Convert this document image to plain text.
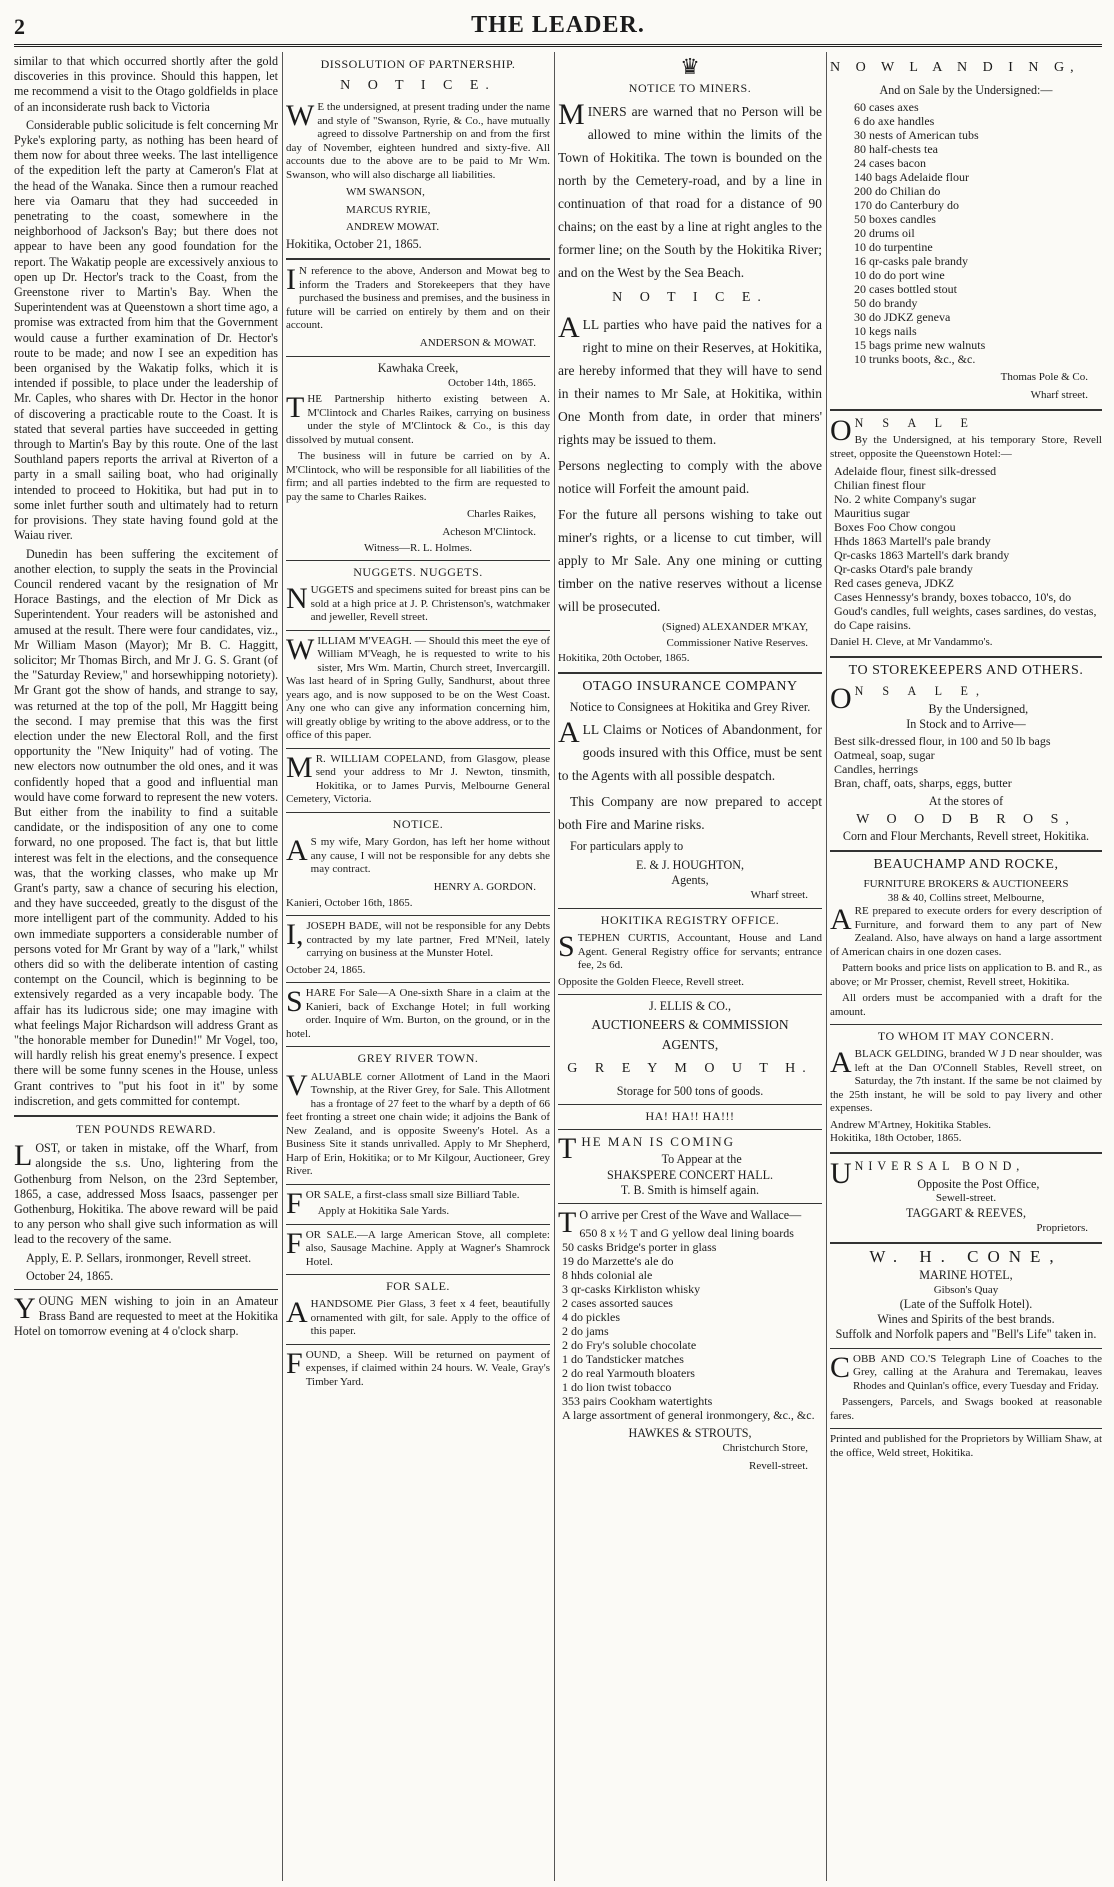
2	THE LEADER.

similar to that which occurred shortly after the gold discoveries in this province. Should this happen, let me recommend a visit to the Otago goldfields in place of an inconsiderate rush back to Victoria

Considerable public solicitude is felt concerning Mr Pyke's exploring party, as nothing has been heard of them now for about three weeks. The last intelligence of the expedition left the party at Cameron's Flat at the head of the Wanaka. Since then a rumour reached here via Oamaru that they had succeeded in penetrating to the coast, somewhere in the neighborhood of Jackson's Bay; but there does not appear to have been any good foundation for the report. The Wakatip people are excessively anxious to open up Dr. Hector's track to the Coast, from the Greenstone river to Martin's Bay. When the Superintendent was at Queenstown a short time ago, a promise was extracted from him that the Government would cause a further examination of Dr. Hector's route to be made; and now I see an expedition has been organised by the Wakatip folks, which it is intended if possible, to place under the leadership of Mr. Caples, who shares with Dr. Hector in the honor of discovering a practicable route to the Coast. It is stated that several parties have succeeded in getting through to Martin's Bay by this route. One of the last Southland papers reports the arrival at Riverton of a party in a small sailing boat, who had originally intended to proceed to Hokitika, but had put in to some inlet further south and ultimately had to return for provisions. They state having found gold at the Waiau river.

Dunedin has been suffering the excitement of another election, to supply the seats in the Provincial Council rendered vacant by the resignation of Mr Horace Bastings, and the election of Mr Dick as Superintendent. Your readers will be astonished and amused at the result. There were four candidates, viz., Mr William Mason (Mayor); Mr B. C. Haggitt, solicitor; Mr Thomas Birch, and Mr J. G. S. Grant (of the "Saturday Review," and horsewhipping notoriety). Mr Grant got the show of hands, and strange to say, was returned at the top of the poll, Mr Haggitt being the second. I may premise that this was the first election under the new Electoral Roll, and the first opportunity the "New Iniquity" had of voting. The new electors now outnumber the old ones, and it was confidently hoped that a good and influential man would have come forward to represent the new voters. But either from the inability to find a suitable candidate, or the indisposition of any one to come forward, no one proposed. The fact is, that but little interest was felt in the elections, and the consequence was, that the working classes, who make up Mr Grant's party, saw a chance of securing his election, and they have succeeded, greatly to the disgust of the more intelligent part of the community. Added to his own immediate supporters a considerable number of persons voted for Mr Grant by way of a "lark," whilst others did so with the deliberate intention of casting contempt on the Council, which is beginning to be extensively regarded as a very incapable body. The affair has its ludicrous side; one may imagine with what feelings Major Richardson will address Grant as "the honorable member for Dunedin!" Mr Vogel, too, will hardly relish his great enemy's presence. I expect there will be some funny scenes in the House, unless Grant contrives to "put his foot in it" by some indiscretion, and gets committed for contempt.

TEN POUNDS REWARD.

LOST, or taken in mistake, off the Wharf, from alongside the s.s. Uno, lightering from the Gothenburg from Nelson, on the 23rd September, 1865, a case, addressed Moss Isaacs, passenger per Gothenburg, Hokitika. The above reward will be paid to any person who shall give such information as will lead to the recovery of the same.

Apply, E. P. Sellars, ironmonger, Revell street.

October 24, 1865.

YOUNG MEN wishing to join in an Amateur Brass Band are requested to meet at the Hokitika Hotel on tomorrow evening at 4 o'clock sharp.

DISSOLUTION OF PARTNERSHIP.
N O T I C E.

W E the undersigned, at present trading under the name and style of "Swanson, Ryrie, & Co., have mutually agreed to dissolve Partnership on and from the first day of November, eighteen hundred and sixty-five. All accounts due to the above are to be paid to Mr Wm. Swanson, who will also discharge all liabilities.

WM SWANSON,
MARCUS RYRIE,
ANDREW MOWAT.

Hokitika, October 21, 1865.

I N reference to the above, Anderson and Mowat beg to inform the Traders and Storekeepers that they have purchased the business and premises, and the business in future will be carried on entirely by them and on their account.

ANDERSON & MOWAT.
Kawhaka Creek,
October 14th, 1865.

THE Partnership hitherto existing between A. M'Clintock and Charles Raikes, carrying on business under the style of M'Clintock & Co., is this day dissolved by mutual consent.

The business will in future be carried on by A. M'Clintock, who will be responsible for all liabilities of the firm; and all parties indebted to the firm are requested to pay the same to Charles Raikes.

Charles Raikes,
Acheson M'Clintock.
Witness—R. L. Holmes.
NUGGETS. NUGGETS.

NUGGETS and specimens suited for breast pins can be sold at a high price at J. P. Christenson's, watchmaker and jeweller, Revell street.

WILLIAM M'VEAGH. — Should this meet the eye of William M'Veagh, he is requested to write to his sister, Mrs Wm. Martin, Church street, Invercargill. Was last heard of in Spring Gully, Sandhurst, about three years ago, and is now supposed to be on the West Coast. Any one who can give any information concerning him, will greatly oblige by writing to the above address, or to the office of this paper.

M R. WILLIAM COPELAND, from Glasgow, please send your address to Mr J. Newton, tinsmith, Hokitika, or to James Purvis, Melbourne General Cemetery, Victoria.

NOTICE.

A S my wife, Mary Gordon, has left her home without any cause, I will not be responsible for any debts she may contract.

HENRY A. GORDON.

Kanieri, October 16th, 1865.

I, JOSEPH BADE, will not be responsible for any Debts contracted by my late partner, Fred M'Neil, lately carrying on business at the Munster Hotel.

October 24, 1865.

SHARE For Sale—A One-sixth Share in a claim at the Kanieri, back of Exchange Hotel; in full working order. Inquire of Wm. Burton, on the ground, or in the hotel.

GREY RIVER TOWN.

VALUABLE corner Allotment of Land in the Maori Township, at the River Grey, for Sale. This Allotment has a frontage of 27 feet to the wharf by a depth of 66 feet fronting a street one chain wide; it adjoins the Bank of New Zealand, and is opposite Sweeny's Hotel. As a Business Site it stands unrivalled. Apply to Mr Shepherd, Harp of Erin, Hokitika; or to Mr Kilgour, Auctioneer, Grey River.

FOR SALE, a first-class small size Billiard Table.

Apply at Hokitika Sale Yards.

FOR SALE.—A large American Stove, all complete: also, Sausage Machine. Apply at Wagner's Shamrock Hotel.

FOR SALE.

AHANDSOME Pier Glass, 3 feet x 4 feet, beautifully ornamented with gilt, for sale. Apply to the office of this paper.

FOUND, a Sheep. Will be returned on payment of expenses, if claimed within 24 hours. W. Veale, Gray's Timber Yard.

♛
NOTICE TO MINERS.

MINERS are warned that no Person will be allowed to mine within the limits of the Town of Hokitika. The town is bounded on the north by the Cemetery-road, and by a line in continuation of that road for a distance of 90 chains; on the east by a line at right angles to the former line; on the South by the Hokitika River; and on the West by the Sea Beach.

N O T I C E.

ALL parties who have paid the natives for a right to mine on their Reserves, at Hokitika, are hereby informed that they will have to send in their names to Mr Sale, at Hokitika, within One Month from date, in order that miners' rights may be issued to them.

Persons neglecting to comply with the above notice will Forfeit the amount paid.

For the future all persons wishing to take out miner's rights, or a license to cut timber, will apply to Mr Sale. Any one mining or cutting timber on the native reserves without a license will be prosecuted.

(Signed) ALEXANDER M'KAY,
Commissioner Native Reserves.
Hokitika, 20th October, 1865.
OTAGO INSURANCE COMPANY

Notice to Consignees at Hokitika and Grey River.

ALL Claims or Notices of Abandonment, for goods insured with this Office, must be sent to the Agents with all possible despatch.

This Company are now prepared to accept both Fire and Marine risks.

For particulars apply to

E. & J. HOUGHTON,
Agents,
Wharf street.
HOKITIKA REGISTRY OFFICE.

STEPHEN CURTIS, Accountant, House and Land Agent. General Registry office for servants; entrance fee, 2s 6d.

Opposite the Golden Fleece, Revell street.

J. ELLIS & CO.,
AUCTIONEERS & COMMISSION
AGENTS,
G R E Y M O U T H.
Storage for 500 tons of goods.
HA! HA!! HA!!!

THE MAN IS COMING

To Appear at the
SHAKSPERE CONCERT HALL.
T. B. Smith is himself again.

T O arrive per Crest of the Wave and Wallace—

650 8 x ½ T and G yellow deal lining boards
50 casks Bridge's porter in glass
19 do Marzette's ale do
8 hhds colonial ale
3 qr-casks Kirkliston whisky
2 cases assorted sauces
4 do pickles
2 do jams
2 do Fry's soluble chocolate
1 do Tandsticker matches
2 do real Yarmouth bloaters
1 do lion twist tobacco
353 pairs Cookham watertights
A large assortment of general ironmongery, &c., &c.
HAWKES & STROUTS,
Christchurch Store,
Revell-street.
N O W L A N D I N G,
And on Sale by the Undersigned:—
60 cases axes
6 do axe handles
30 nests of American tubs
80 half-chests tea
24 cases bacon
140 bags Adelaide flour
200 do Chilian do
170 do Canterbury do
50 boxes candles
20 drums oil
10 do turpentine
16 qr-casks pale brandy
10 do do port wine
20 cases bottled stout
50 do brandy
30 do JDKZ geneva
10 kegs nails
15 bags prime new walnuts
10 trunks boots, &c., &c.
Thomas Pole & Co.
Wharf street.

O N S A L E

By the Undersigned, at his temporary Store, Revell street, opposite the Queenstown Hotel:—

Adelaide flour, finest silk-dressed
Chilian finest flour
No. 2 white Company's sugar
Mauritius sugar
Boxes Foo Chow congou
Hhds 1863 Martell's pale brandy
Qr-casks 1863 Martell's dark brandy
Qr-casks Otard's pale brandy
Red cases geneva, JDKZ
Cases Hennessy's brandy, boxes tobacco, 10's, do Goud's candles, full weights, cases sardines, do vestas, do Cape raisins.
Daniel H. Cleve, at Mr Vandammo's.
TO STOREKEEPERS AND OTHERS.

O N S A L E,

By the Undersigned,
In Stock and to Arrive—
Best silk-dressed flour, in 100 and 50 lb bags
Oatmeal, soap, sugar
Candles, herrings
Bran, chaff, oats, sharps, eggs, butter
At the stores of
W O O D B R O S,
Corn and Flour Merchants, Revell street, Hokitika.
BEAUCHAMP AND ROCKE,
FURNITURE BROKERS & AUCTIONEERS
38 & 40, Collins street, Melbourne,

ARE prepared to execute orders for every description of Furniture, and forward them to any part of New Zealand. Also, have always on hand a large assortment of American chairs in one dozen cases.

Pattern books and price lists on application to B. and R., as above; or Mr Prosser, chemist, Revell street, Hokitika.

All orders must be accompanied with a draft for the amount.

TO WHOM IT MAY CONCERN.

ABLACK GELDING, branded W J D near shoulder, was left at the Dan O'Connell Stables, Revell street, on Saturday, the 7th instant. If the same be not claimed by the 25th instant, he will be sold to pay livery and other expenses.

Andrew M'Artney, Hokitika Stables.
Hokitika, 18th October, 1865.

UNIVERSAL BOND,

Opposite the Post Office,
Sewell-street.
TAGGART & REEVES,
Proprietors.
W. H. CONE,
MARINE HOTEL,
Gibson's Quay
(Late of the Suffolk Hotel).
Wines and Spirits of the best brands.
Suffolk and Norfolk papers and "Bell's Life" taken in.

COBB AND CO.'S Telegraph Line of Coaches to the Grey, calling at the Arahura and Teremakau, leaves Rhodes and Quinlan's office, every Tuesday and Friday.

Passengers, Parcels, and Swags booked at reasonable fares.

Printed and published for the Proprietors by William Shaw, at the office, Weld street, Hokitika.
